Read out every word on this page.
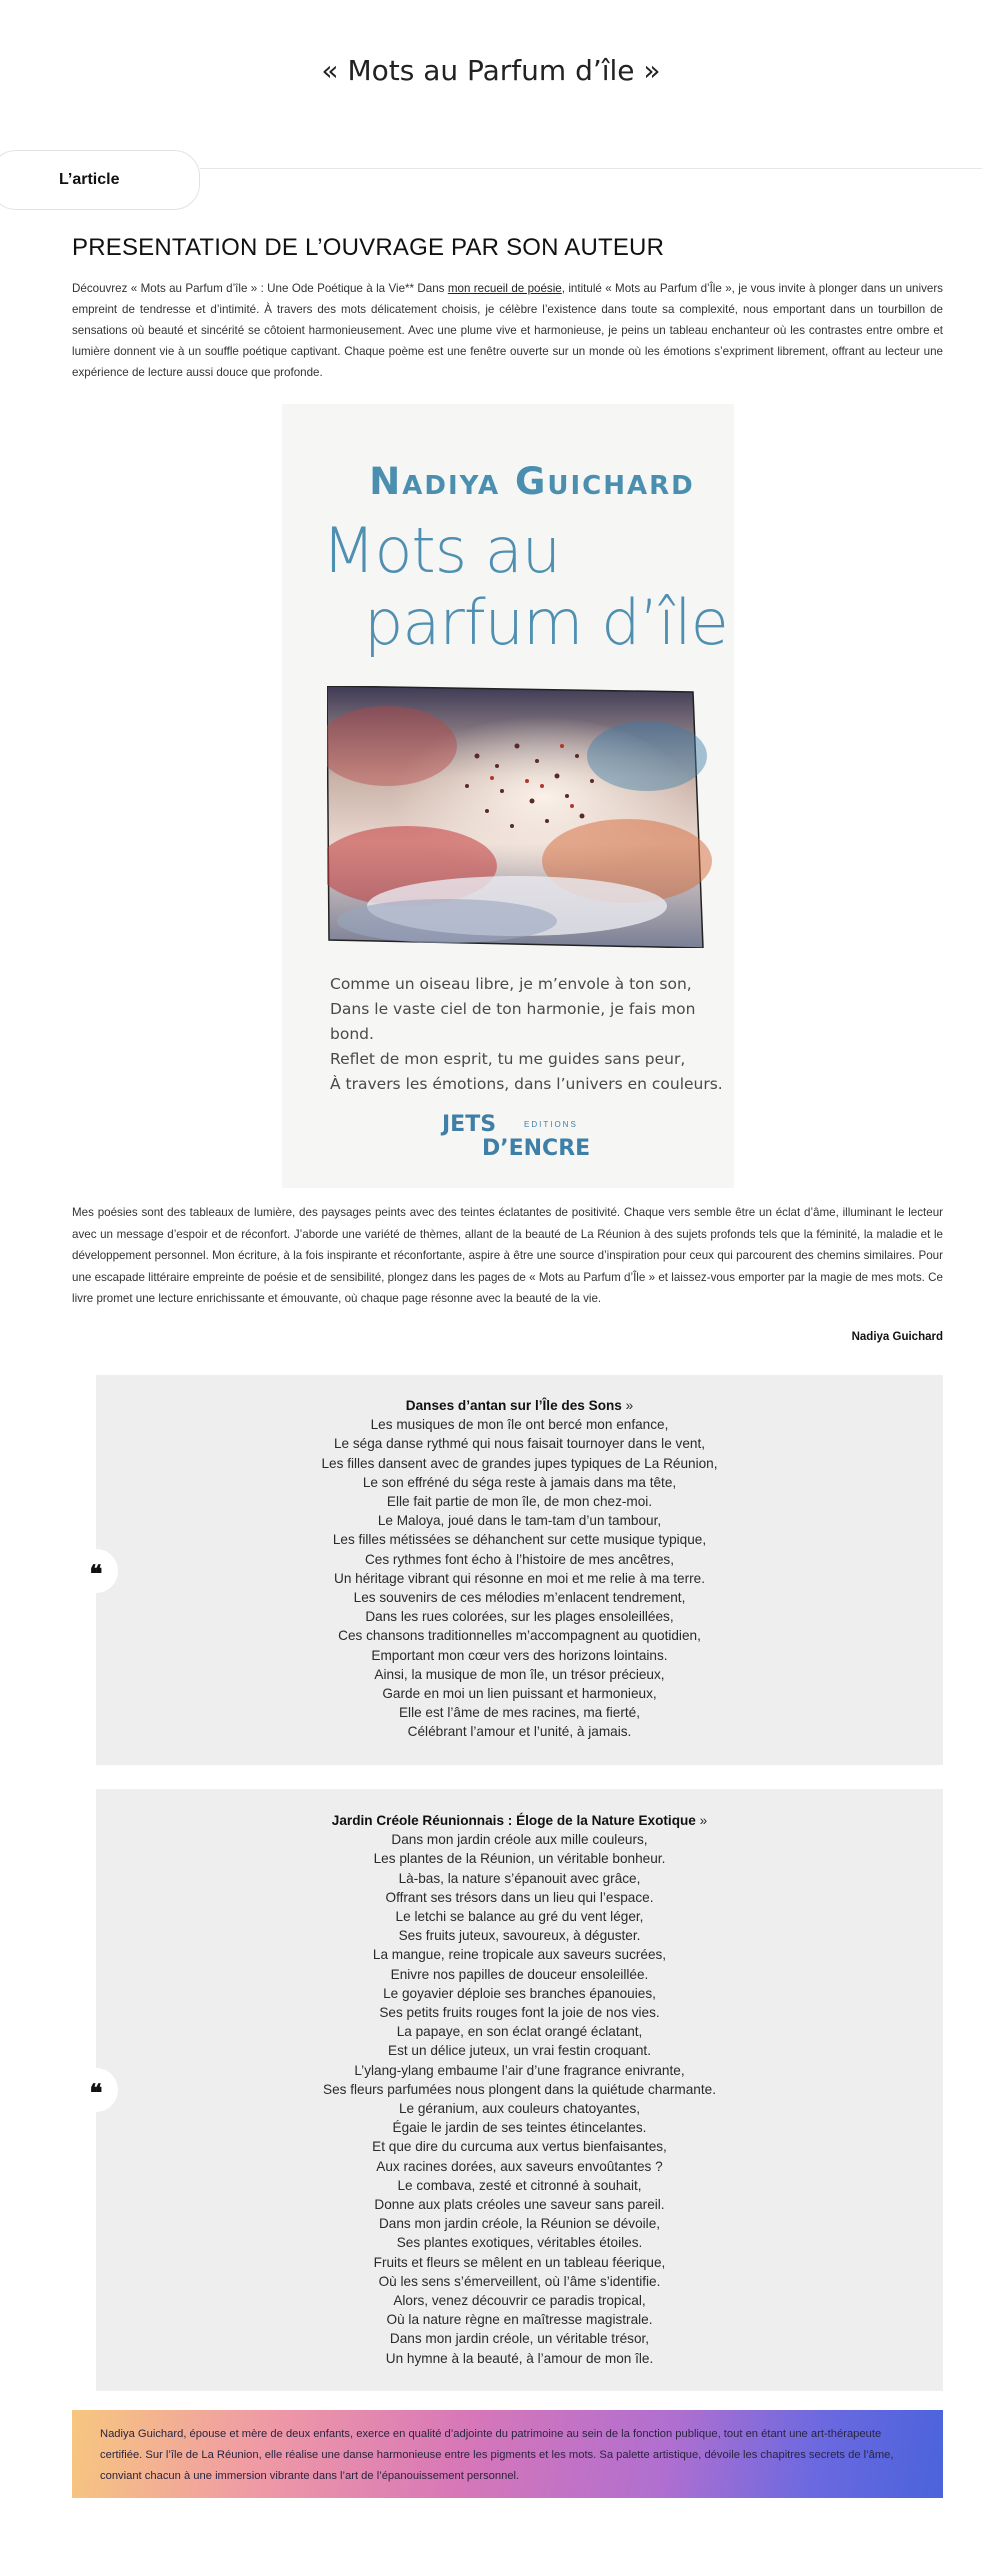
« Mots au Parfum d’île »
L’article
PRESENTATION DE L’OUVRAGE PAR SON AUTEUR

Découvrez « Mots au Parfum d’île » : Une Ode Poétique à la Vie** Dans mon recueil de poésie, intitulé « Mots au Parfum d’Île », je vous invite à plonger dans un univers empreint de tendresse et d’intimité. À travers des mots délicatement choisis, je célèbre l’existence dans toute sa complexité, nous emportant dans un tourbillon de sensations où beauté et sincérité se côtoient harmonieusement. Avec une plume vive et harmonieuse, je peins un tableau enchanteur où les contrastes entre ombre et lumière donnent vie à un souffle poétique captivant. Chaque poème est une fenêtre ouverte sur un monde où les émotions s’expriment librement, offrant au lecteur une expérience de lecture aussi douce que profonde.

Nadiya Guichard
Mots au
parfum d’île
Comme un oiseau libre, je m’envole à ton son,
Dans le vaste ciel de ton harmonie, je fais mon bond.
Reflet de mon esprit, tu me guides sans peur,
À travers les émotions, dans l’univers en couleurs.
JETS	EDITIONS
D’ENCRE

Mes poésies sont des tableaux de lumière, des paysages peints avec des teintes éclatantes de positivité. Chaque vers semble être un éclat d’âme, illuminant le lecteur avec un message d’espoir et de réconfort. J’aborde une variété de thèmes, allant de la beauté de La Réunion à des sujets profonds tels que la féminité, la maladie et le développement personnel. Mon écriture, à la fois inspirante et réconfortante, aspire à être une source d’inspiration pour ceux qui parcourent des chemins similaires. Pour une escapade littéraire empreinte de poésie et de sensibilité, plongez dans les pages de « Mots au Parfum d’Île » et laissez-vous emporter par la magie de mes mots. Ce livre promet une lecture enrichissante et émouvante, où chaque page résonne avec la beauté de la vie.

Nadiya Guichard
Danses d’antan sur l’Île des Sons »
Les musiques de mon île ont bercé mon enfance,
Le séga danse rythmé qui nous faisait tournoyer dans le vent,
Les filles dansent avec de grandes jupes typiques de La Réunion,
Le son effréné du séga reste à jamais dans ma tête,
Elle fait partie de mon île, de mon chez-moi.
Le Maloya, joué dans le tam-tam d’un tambour,
Les filles métissées se déhanchent sur cette musique typique,
Ces rythmes font écho à l’histoire de mes ancêtres,
Un héritage vibrant qui résonne en moi et me relie à ma terre.
Les souvenirs de ces mélodies m’enlacent tendrement,
Dans les rues colorées, sur les plages ensoleillées,
Ces chansons traditionnelles m’accompagnent au quotidien,
Emportant mon cœur vers des horizons lointains.
Ainsi, la musique de mon île, un trésor précieux,
Garde en moi un lien puissant et harmonieux,
Elle est l’âme de mes racines, ma fierté,
Célébrant l’amour et l’unité, à jamais.
❝
Jardin Créole Réunionnais : Éloge de la Nature Exotique »
Dans mon jardin créole aux mille couleurs,
Les plantes de la Réunion, un véritable bonheur.
Là-bas, la nature s’épanouit avec grâce,
Offrant ses trésors dans un lieu qui l’espace.
Le letchi se balance au gré du vent léger,
Ses fruits juteux, savoureux, à déguster.
La mangue, reine tropicale aux saveurs sucrées,
Enivre nos papilles de douceur ensoleillée.
Le goyavier déploie ses branches épanouies,
Ses petits fruits rouges font la joie de nos vies.
La papaye, en son éclat orangé éclatant,
Est un délice juteux, un vrai festin croquant.
L’ylang-ylang embaume l’air d’une fragrance enivrante,
Ses fleurs parfumées nous plongent dans la quiétude charmante.
Le géranium, aux couleurs chatoyantes,
Égaie le jardin de ses teintes étincelantes.
Et que dire du curcuma aux vertus bienfaisantes,
Aux racines dorées, aux saveurs envoûtantes ?
Le combava, zesté et citronné à souhait,
Donne aux plats créoles une saveur sans pareil.
Dans mon jardin créole, la Réunion se dévoile,
Ses plantes exotiques, véritables étoiles.
Fruits et fleurs se mêlent en un tableau féerique,
Où les sens s’émerveillent, où l’âme s’identifie.
Alors, venez découvrir ce paradis tropical,
Où la nature règne en maîtresse magistrale.
Dans mon jardin créole, un véritable trésor,
Un hymne à la beauté, à l’amour de mon île.
❝

Nadiya Guichard, épouse et mère de deux enfants, exerce en qualité d’adjointe du patrimoine au sein de la fonction publique, tout en étant une art-thérapeute certifiée. Sur l’île de La Réunion, elle réalise une danse harmonieuse entre les pigments et les mots. Sa palette artistique, dévoile les chapitres secrets de l’âme, conviant chacun à une immersion vibrante dans l’art de l’épanouissement personnel.
